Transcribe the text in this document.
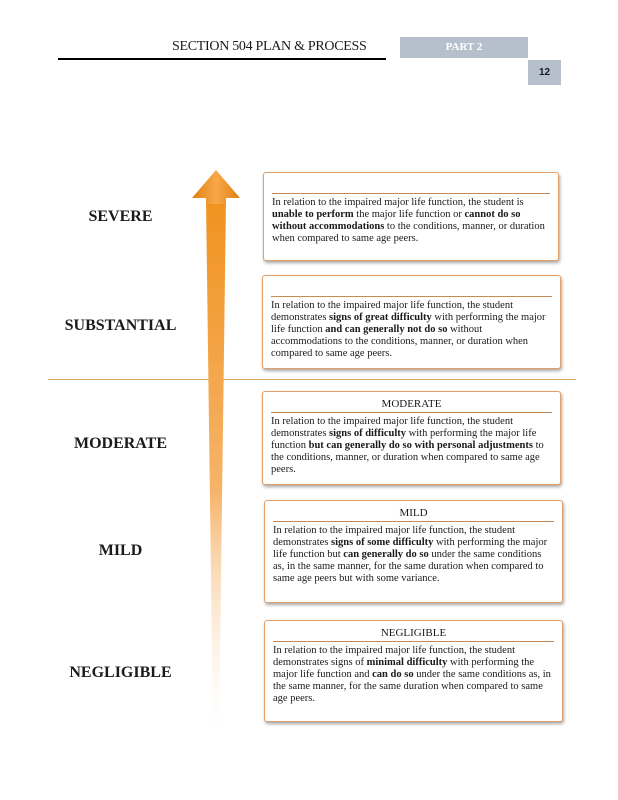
SECTION 504 PLAN & PROCESS	PART 2
12
SEVERE
SUBSTANTIAL
MODERATE
MILD
NEGLIGIBLE
In relation to the impaired major life function, the student is unable to perform the major life function or cannot do so without accommodations to the conditions, manner, or duration when compared to same age peers.
In relation to the impaired major life function, the student demonstrates signs of great difficulty with performing the major life function and can generally not do so without accommodations to the conditions, manner, or duration when compared to same age peers.
MODERATE
In relation to the impaired major life function, the student demonstrates signs of difficulty with performing the major life function but can generally do so with personal adjustments to the conditions, manner, or duration when compared to same age peers.
MILD
In relation to the impaired major life function, the student demonstrates signs of some difficulty with performing the major life function but can generally do so under the same conditions as, in the same manner, for the same duration when compared to same age peers but with some variance.
NEGLIGIBLE
In relation to the impaired major life function, the student demonstrates signs of minimal difficulty with performing the major life function and can do so under the same conditions as, in the same manner, for the same duration when compared to same age peers.
